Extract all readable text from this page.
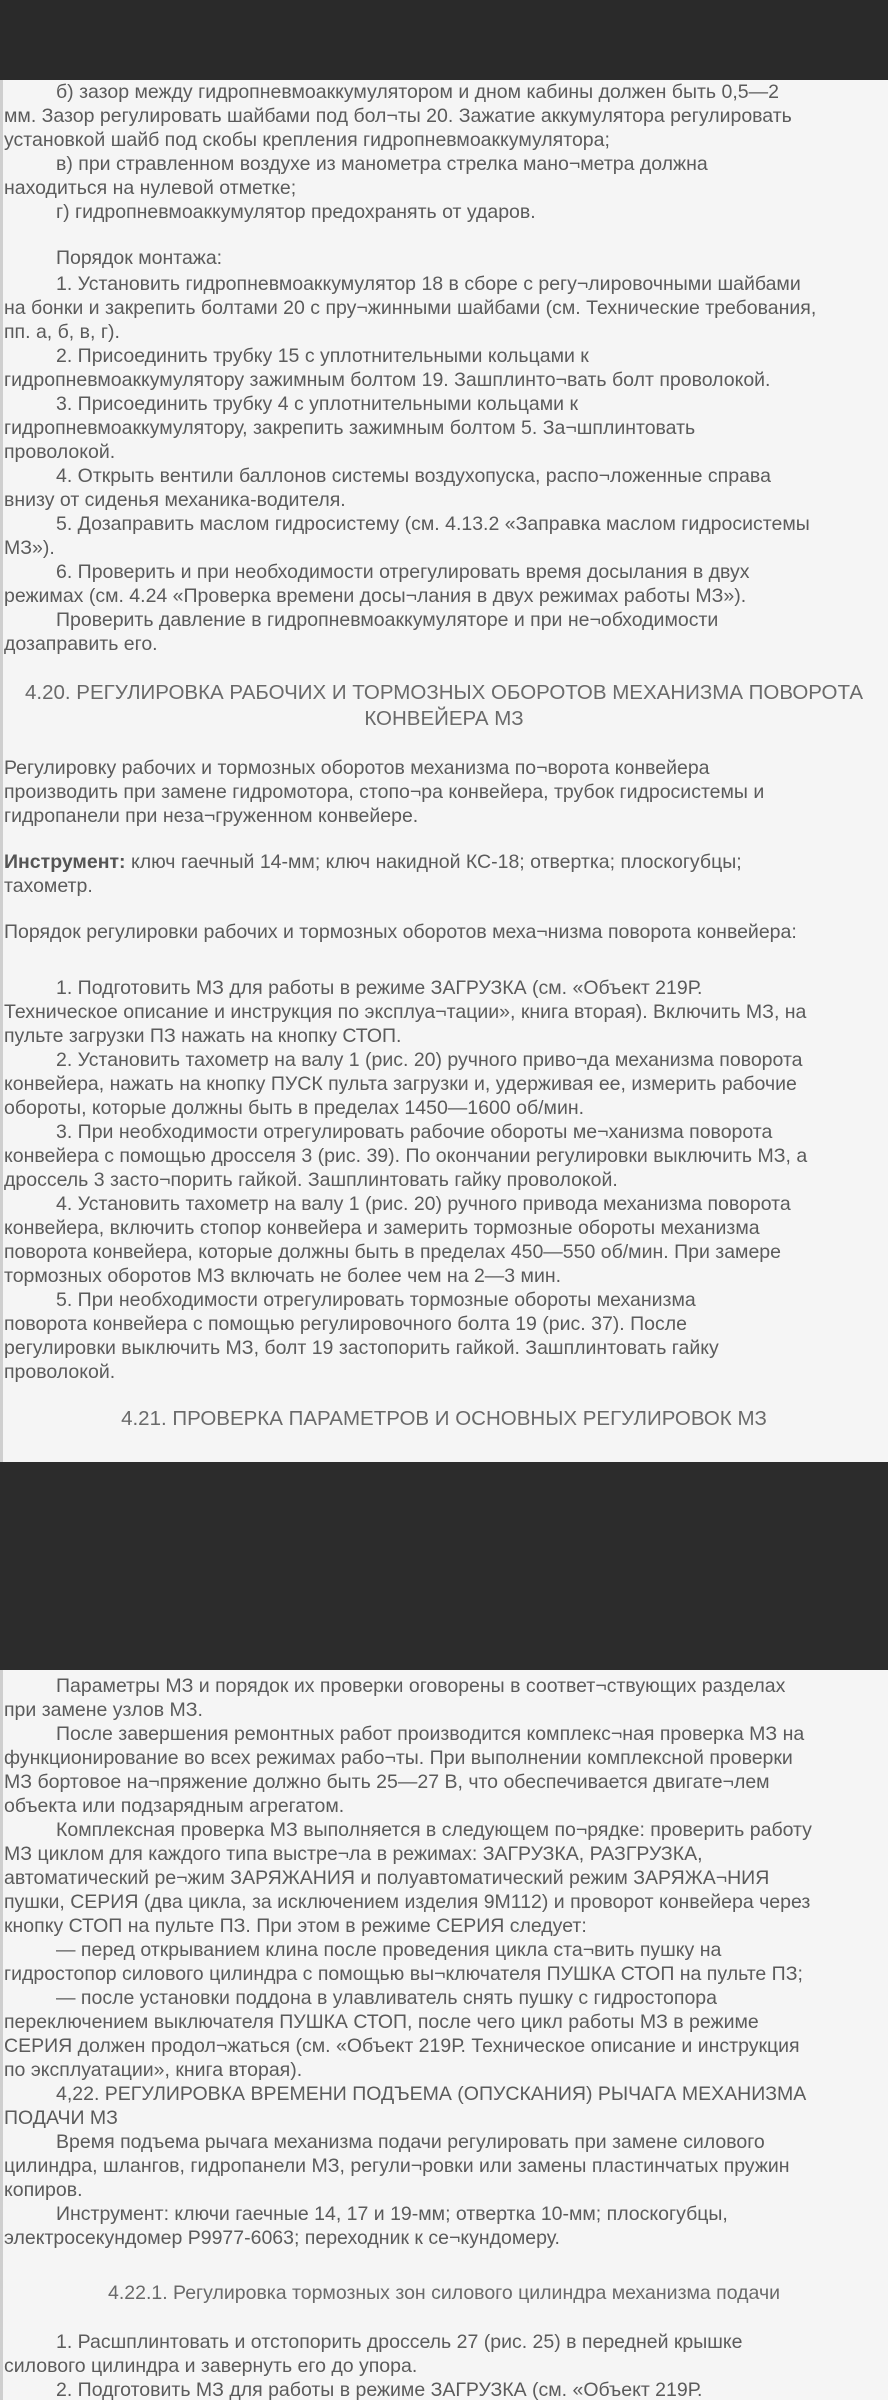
б) зазор между гидропневмоаккумулятором и дном кабины должен быть 0,5—2
мм. Зазор регулировать шайбами под бол¬ты 20. Зажатие аккумулятора регулировать
установкой шайб под скобы крепления гидропневмоаккумулятора;
в) при стравленном воздухе из манометра стрелка мано¬метра должна
находиться на нулевой отметке;
г) гидропневмоаккумулятор предохранять от ударов.
Порядок монтажа:
1. Установить гидропневмоаккумулятор 18 в сборе с регу¬лировочными шайбами
на бонки и закрепить болтами 20 с пру¬жинными шайбами (см. Технические требования,
пп. а, б, в, г).
2. Присоединить трубку 15 с уплотнительными кольцами к
гидропневмоаккумулятору зажимным болтом 19. Зашплинто¬вать болт проволокой.
3. Присоединить трубку 4 с уплотнительными кольцами к
гидропневмоаккумулятору, закрепить зажимным болтом 5. За¬шплинтовать
проволокой.
4. Открыть вентили баллонов системы воздухопуска, распо¬ложенные справа
внизу от сиденья механика-водителя.
5. Дозаправить маслом гидросистему (см. 4.13.2 «Заправка маслом гидросистемы
МЗ»).
6. Проверить и при необходимости отрегулировать время досылания в двух
режимах (см. 4.24 «Проверка времени досы¬лания в двух режимах работы МЗ»).
Проверить давление в гидропневмоаккумуляторе и при не¬обходимости
дозаправить его.
4.20. РЕГУЛИРОВКА РАБОЧИХ И ТОРМОЗНЫХ ОБОРОТОВ МЕХАНИЗМА ПОВОРОТА
КОНВЕЙЕРА МЗ
Регулировку рабочих и тормозных оборотов механизма по¬ворота конвейера
производить при замене гидромотора, стопо¬ра конвейера, трубок гидросистемы и
гидропанели при неза¬груженном конвейере.
Инструмент: ключ гаечный 14-мм; ключ накидной КС-18; отвертка; плоскогубцы;
тахометр.
Порядок регулировки рабочих и тормозных оборотов меха¬низма поворота конвейера:
1. Подготовить МЗ для работы в режиме ЗАГРУЗКА (см. «Объект 219Р.
Техническое описание и инструкция по эксплуа¬тации», книга вторая). Включить МЗ, на
пульте загрузки ПЗ нажать на кнопку СТОП.
2. Установить тахометр на валу 1 (рис. 20) ручного приво¬да механизма поворота
конвейера, нажать на кнопку ПУСК пульта загрузки и, удерживая ее, измерить рабочие
обороты, которые должны быть в пределах 1450—1600 об/мин.
3. При необходимости отрегулировать рабочие обороты ме¬ханизма поворота
конвейера с помощью дросселя 3 (рис. 39). По окончании регулировки выключить МЗ, а
дроссель 3 засто¬порить гайкой. Зашплинтовать гайку проволокой.
4. Установить тахометр на валу 1 (рис. 20) ручного привода механизма поворота
конвейера, включить стопор конвейера и замерить тормозные обороты механизма
поворота конвейера, которые должны быть в пределах 450—550 об/мин. При замере
тормозных оборотов МЗ включать не более чем на 2—3 мин.
5. При необходимости отрегулировать тормозные обороты механизма
поворота конвейера с помощью регулировочного болта 19 (рис. 37). После
регулировки выключить МЗ, болт 19 застопорить гайкой. Зашплинтовать гайку
проволокой.
4.21. ПРОВЕРКА ПАРАМЕТРОВ И ОСНОВНЫХ РЕГУЛИРОВОК МЗ
Параметры МЗ и порядок их проверки оговорены в соответ¬ствующих разделах
при замене узлов МЗ.
После завершения ремонтных работ производится комплекс¬ная проверка МЗ на
функционирование во всех режимах рабо¬ты. При выполнении комплексной проверки
МЗ бортовое на¬пряжение должно быть 25—27 В, что обеспечивается двигате¬лем
объекта или подзарядным агрегатом.
Комплексная проверка МЗ выполняется в следующем по¬рядке: проверить работу
МЗ циклом для каждого типа выстре¬ла в режимах: ЗАГРУЗКА, РАЗГРУЗКА,
автоматический ре¬жим ЗАРЯЖАНИЯ и полуавтоматический режим ЗАРЯЖА¬НИЯ
пушки, СЕРИЯ (два цикла, за исключением изделия 9М112) и проворот конвейера через
кнопку СТОП на пульте ПЗ. При этом в режиме СЕРИЯ следует:
— перед открыванием клина после проведения цикла ста¬вить пушку на
гидростопор силового цилиндра с помощью вы¬ключателя ПУШКА СТОП на пульте ПЗ;
— после установки поддона в улавливатель снять пушку с гидростопора
переключением выключателя ПУШКА СТОП, после чего цикл работы МЗ в режиме
СЕРИЯ должен продол¬жаться (см. «Объект 219Р. Техническое описание и инструкция
по эксплуатации», книга вторая).
4,22. РЕГУЛИРОВКА ВРЕМЕНИ ПОДЪЕМА (ОПУСКАНИЯ) РЫЧАГА МЕХАНИЗМА
ПОДАЧИ МЗ
Время подъема рычага механизма подачи регулировать при замене силового
цилиндра, шлангов, гидропанели МЗ, регули¬ровки или замены пластинчатых пружин
копиров.
Инструмент: ключи гаечные 14, 17 и 19-мм; отвертка 10-мм; плоскогубцы,
электросекундомер Р9977-6063; переходник к се¬кундомеру.
4.22.1. Регулировка тормозных зон силового цилиндра механизма подачи
1. Расшплинтовать и отстопорить дроссель 27 (рис. 25) в передней крышке
силового цилиндра и завернуть его до упора.
2. Подготовить МЗ для работы в режиме ЗАГРУЗКА (см. «Объект 219Р.
